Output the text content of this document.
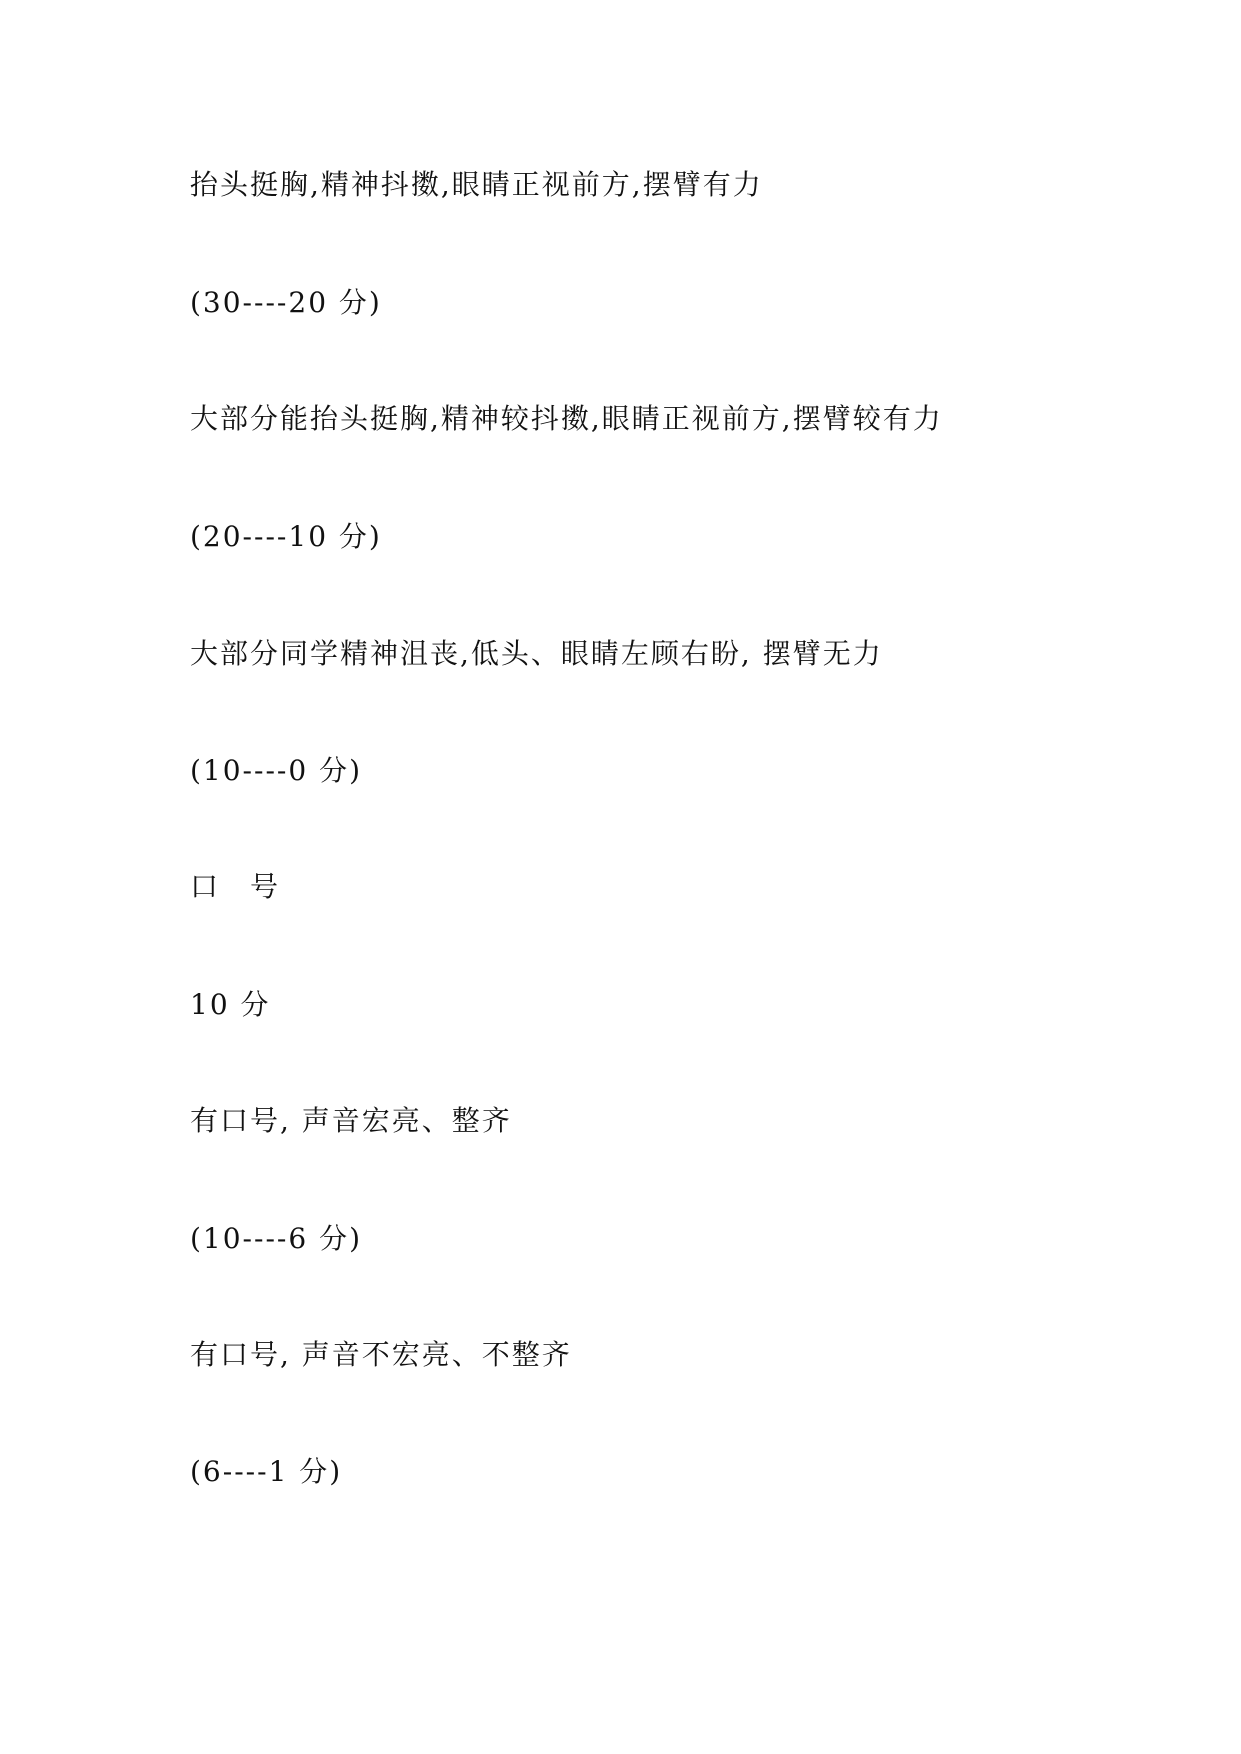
抬头挺胸,精神抖擞,眼睛正视前方,摆臂有力

(30----20 分)

大部分能抬头挺胸,精神较抖擞,眼睛正视前方,摆臂较有力

(20----10 分)

大部分同学精神沮丧,低头、眼睛左顾右盼, 摆臂无力

(10----0 分)

口　号

10 分

有口号, 声音宏亮、整齐

(10----6 分)

有口号, 声音不宏亮、不整齐

(6----1 分)
